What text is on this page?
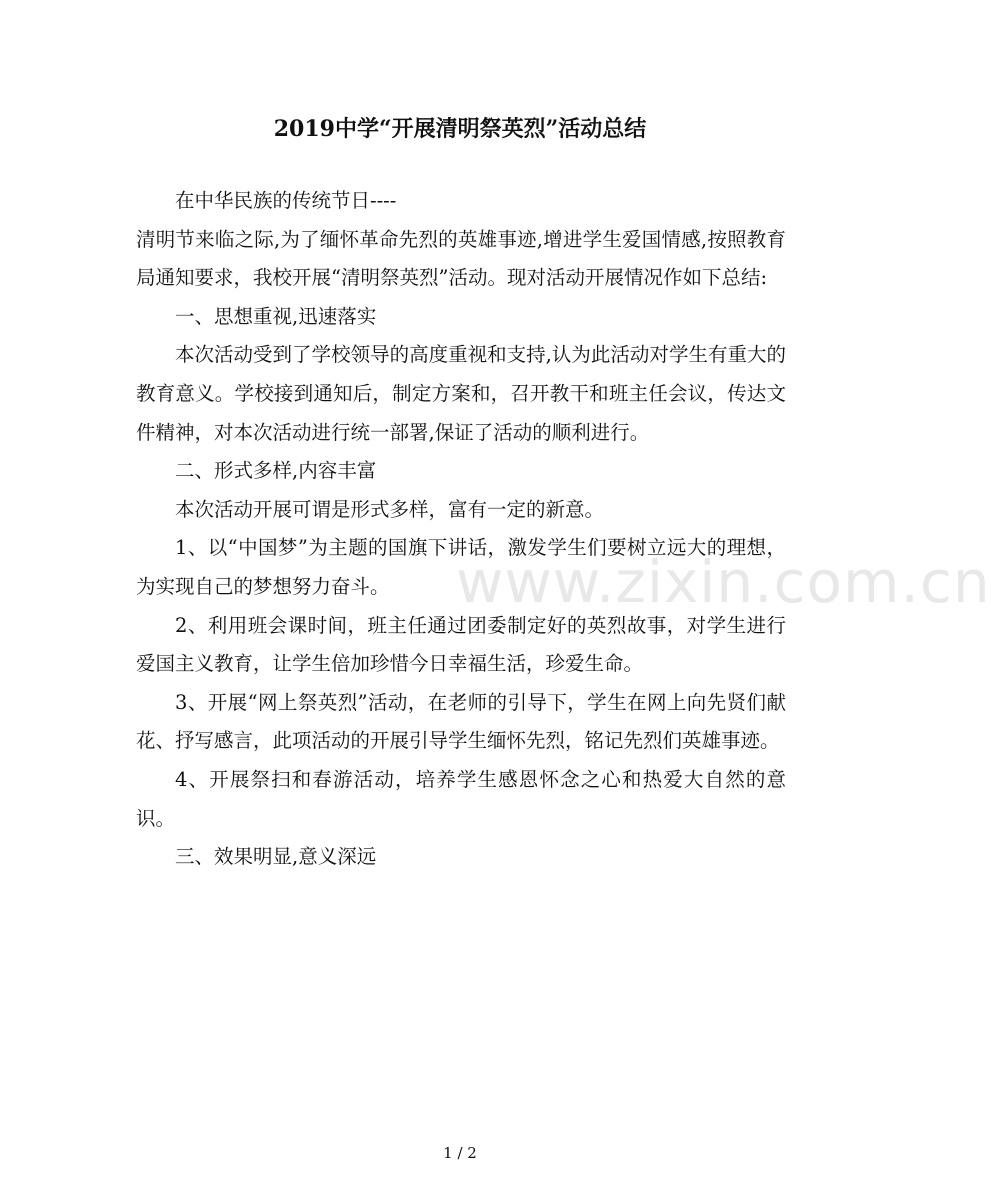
2019中学“开展清明祭英烈”活动总结

在中华民族的传统节日----

清明节来临之际,为了缅怀革命先烈的英雄事迹,增进学生爱国情感,按照教育局通知要求，我校开展“清明祭英烈”活动。现对活动开展情况作如下总结:

一、思想重视,迅速落实

本次活动受到了学校领导的高度重视和支持,认为此活动对学生有重大的教育意义。学校接到通知后，制定方案和，召开教干和班主任会议，传达文件精神，对本次活动进行统一部署,保证了活动的顺利进行。

二、形式多样,内容丰富

本次活动开展可谓是形式多样，富有一定的新意。

1、以“中国梦”为主题的国旗下讲话，激发学生们要树立远大的理想，为实现自己的梦想努力奋斗。

2、利用班会课时间，班主任通过团委制定好的英烈故事，对学生进行爱国主义教育，让学生倍加珍惜今日幸福生活，珍爱生命。

3、开展“网上祭英烈”活动，在老师的引导下，学生在网上向先贤们献花、抒写感言，此项活动的开展引导学生缅怀先烈，铭记先烈们英雄事迹。

4、开展祭扫和春游活动，培养学生感恩怀念之心和热爱大自然的意识。

三、效果明显,意义深远

www.zixin.com.cn
1 / 2
